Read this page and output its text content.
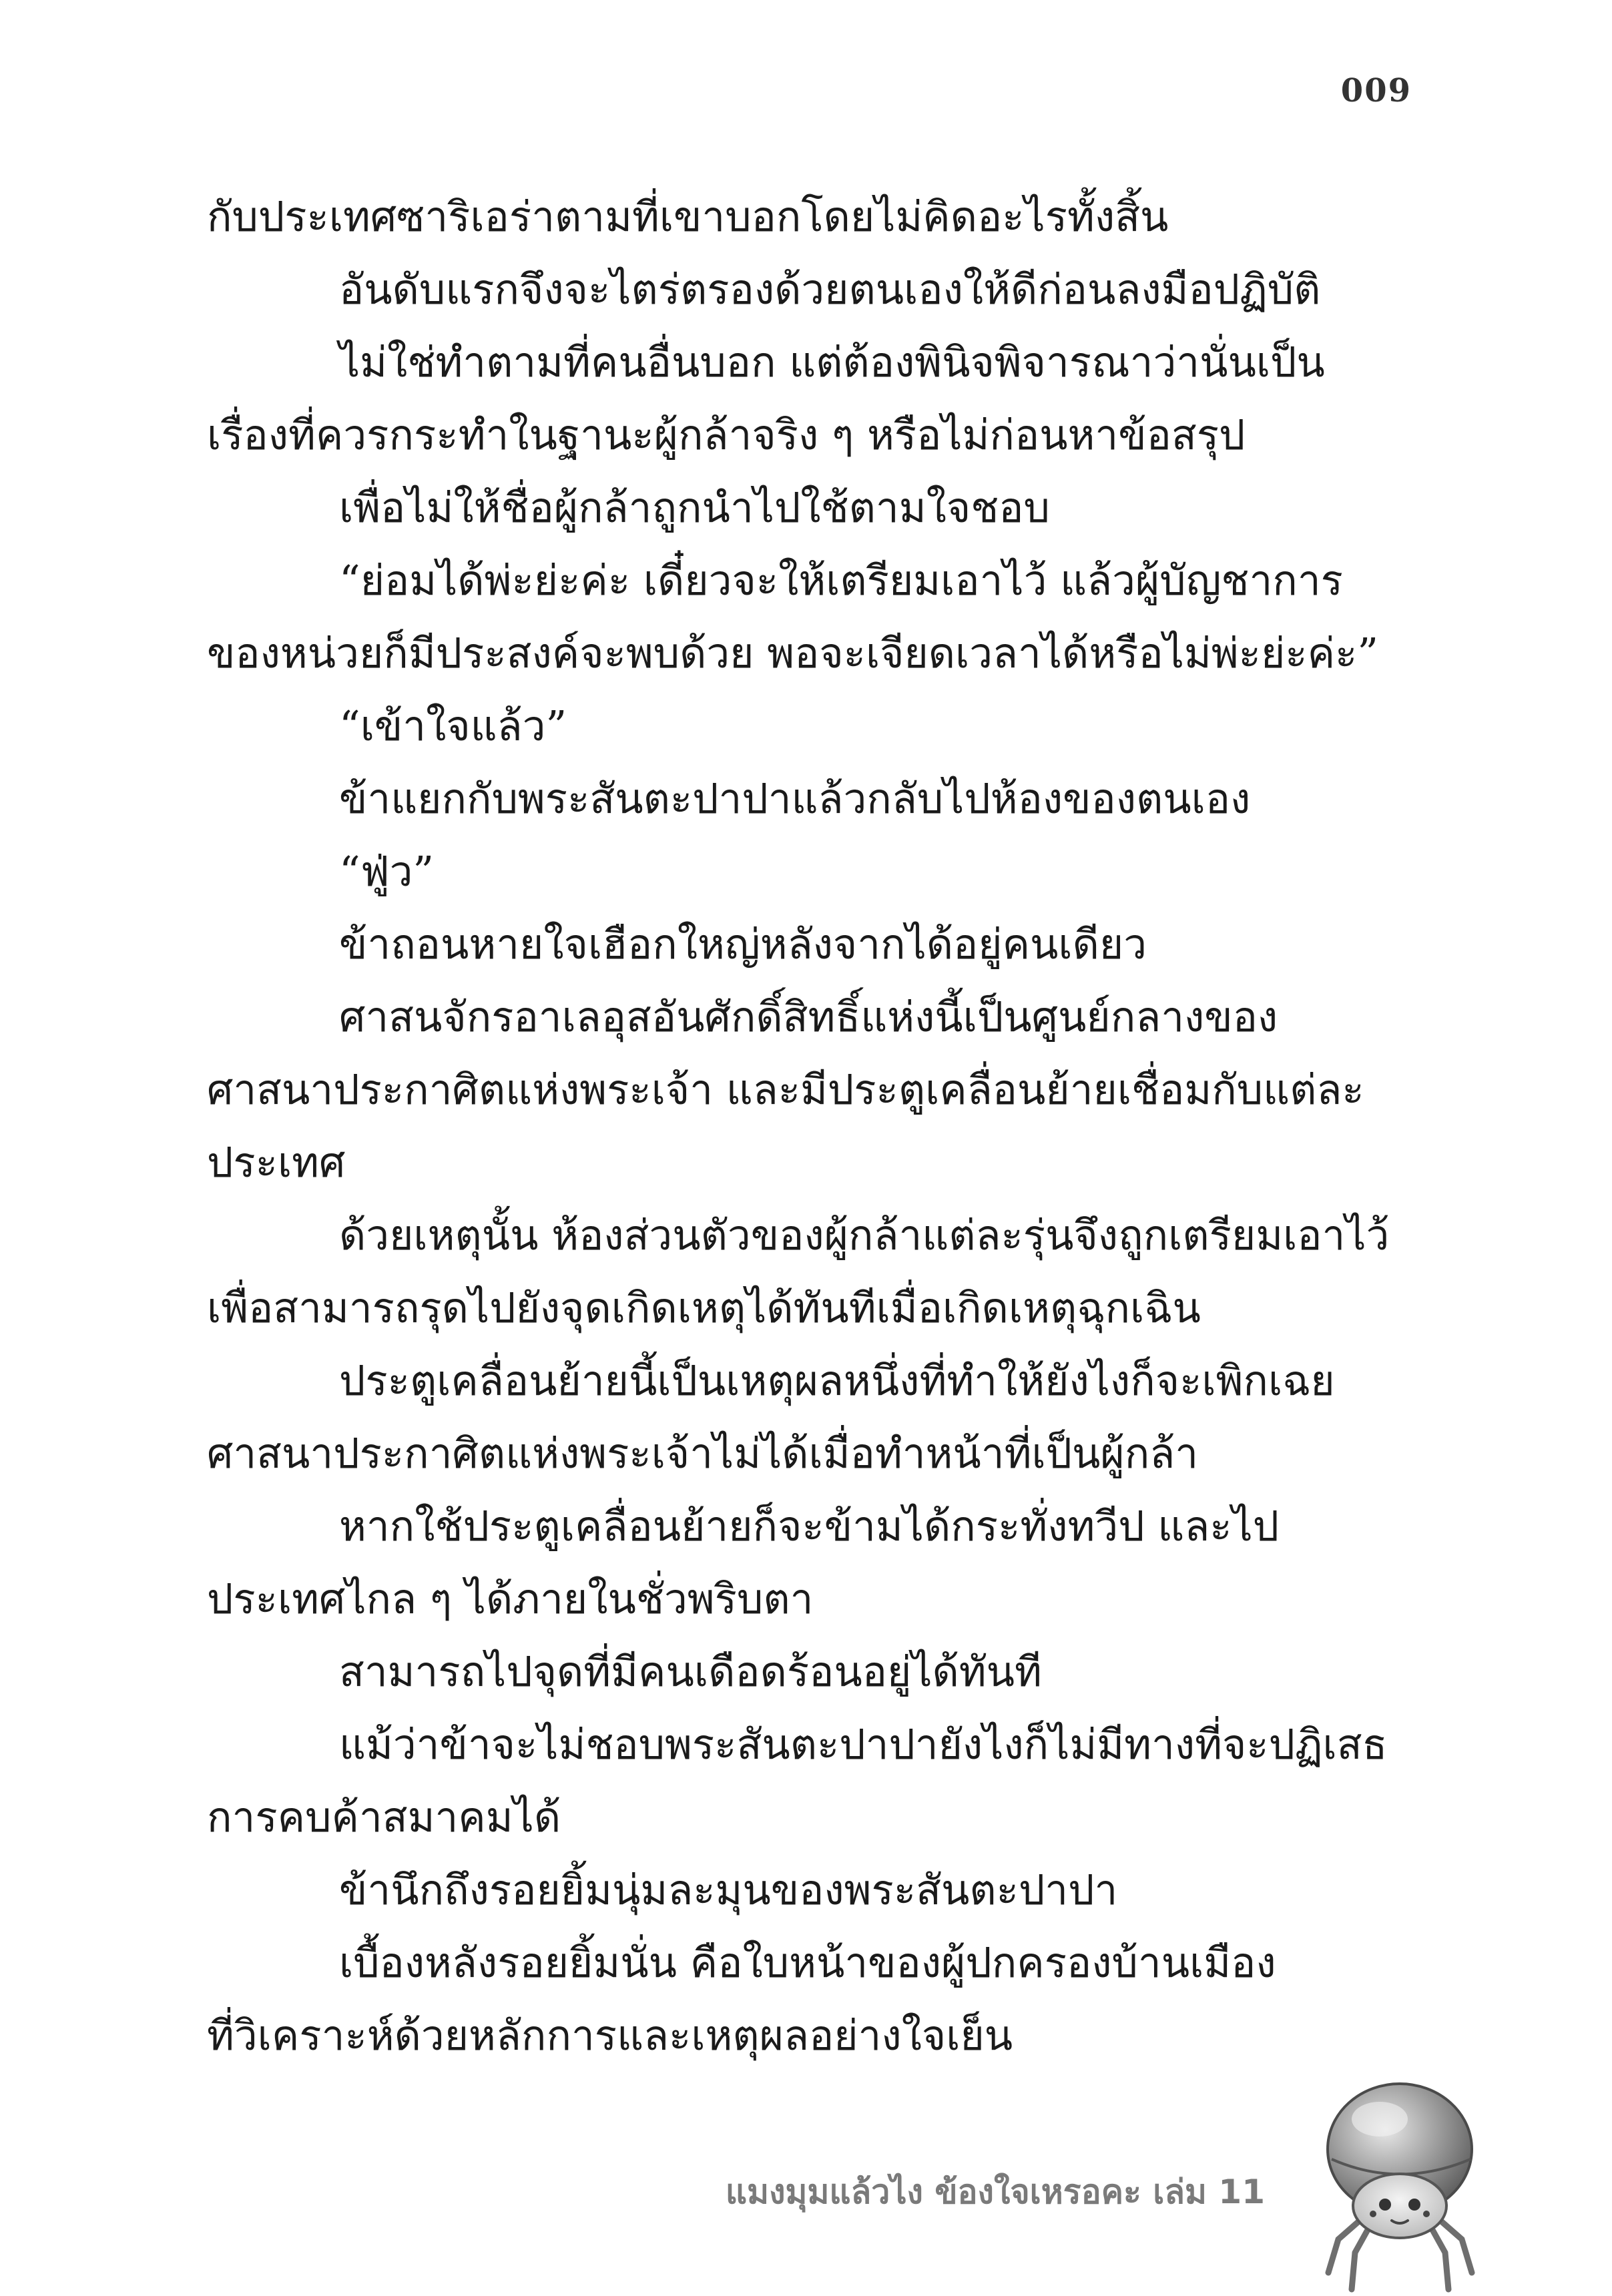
009
กับประเทศซาริเอร่าตามที่เขาบอกโดยไม่คิดอะไรทั้งสิ้น
อันดับแรกจึงจะไตร่ตรองด้วยตนเองให้ดีก่อนลงมือปฏิบัติ
ไม่ใช่ทำตามที่คนอื่นบอก แต่ต้องพินิจพิจารณาว่านั่นเป็น
เรื่องที่ควรกระทำในฐานะผู้กล้าจริง ๆ หรือไม่ก่อนหาข้อสรุป
เพื่อไม่ให้ชื่อผู้กล้าถูกนำไปใช้ตามใจชอบ
“ย่อมได้พ่ะย่ะค่ะ เดี๋ยวจะให้เตรียมเอาไว้ แล้วผู้บัญชาการ
ของหน่วยก็มีประสงค์จะพบด้วย พอจะเจียดเวลาได้หรือไม่พ่ะย่ะค่ะ”
“เข้าใจแล้ว”
ข้าแยกกับพระสันตะปาปาแล้วกลับไปห้องของตนเอง
“ฟู่ว”
ข้าถอนหายใจเฮือกใหญ่หลังจากได้อยู่คนเดียว
ศาสนจักรอาเลอุสอันศักดิ์สิทธิ์แห่งนี้เป็นศูนย์กลางของ
ศาสนาประกาศิตแห่งพระเจ้า และมีประตูเคลื่อนย้ายเชื่อมกับแต่ละ
ประเทศ
ด้วยเหตุนั้น ห้องส่วนตัวของผู้กล้าแต่ละรุ่นจึงถูกเตรียมเอาไว้
เพื่อสามารถรุดไปยังจุดเกิดเหตุได้ทันทีเมื่อเกิดเหตุฉุกเฉิน
ประตูเคลื่อนย้ายนี้เป็นเหตุผลหนึ่งที่ทำให้ยังไงก็จะเพิกเฉย
ศาสนาประกาศิตแห่งพระเจ้าไม่ได้เมื่อทำหน้าที่เป็นผู้กล้า
หากใช้ประตูเคลื่อนย้ายก็จะข้ามได้กระทั่งทวีป และไป
ประเทศไกล ๆ ได้ภายในชั่วพริบตา
สามารถไปจุดที่มีคนเดือดร้อนอยู่ได้ทันที
แม้ว่าข้าจะไม่ชอบพระสันตะปาปายังไงก็ไม่มีทางที่จะปฏิเสธ
การคบค้าสมาคมได้
ข้านึกถึงรอยยิ้มนุ่มละมุนของพระสันตะปาปา
เบื้องหลังรอยยิ้มนั่น คือใบหน้าของผู้ปกครองบ้านเมือง
ที่วิเคราะห์ด้วยหลักการและเหตุผลอย่างใจเย็น
แมงมุมแล้วไง ข้องใจเหรอคะ เล่ม 11
